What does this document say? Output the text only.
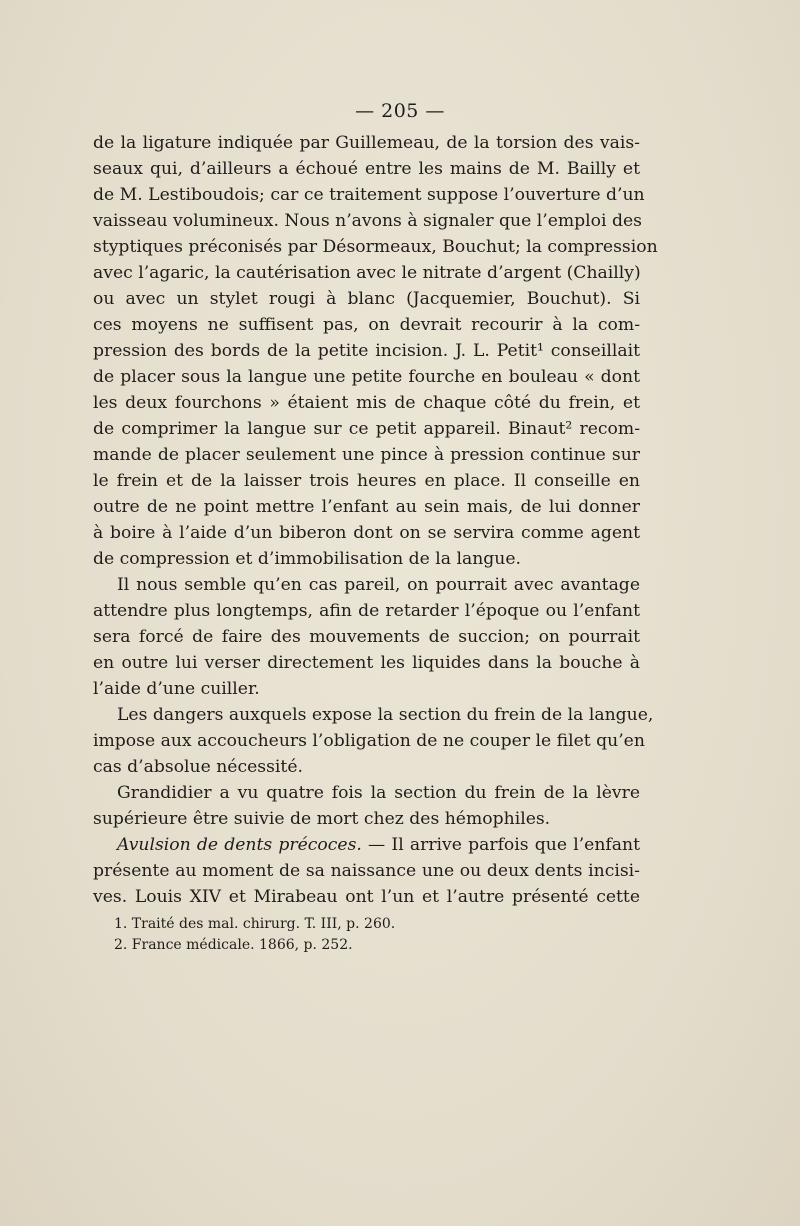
— 205 —
de la ligature indiquée par Guillemeau, de la torsion des vais-
seaux qui, d’ailleurs a échoué entre les mains de M. Bailly et
de M. Lestiboudois; car ce traitement suppose l’ouverture d’un
vaisseau volumineux. Nous n’avons à signaler que l’emploi des
styptiques préconisés par Désormeaux, Bouchut; la compression
avec l’agaric, la cautérisation avec le nitrate d’argent (Chailly)
ou avec un stylet rougi à blanc (Jacquemier, Bouchut). Si
ces moyens ne suffisent pas, on devrait recourir à la com-
pression des bords de la petite incision. J. L. Petit¹ conseillait
de placer sous la langue une petite fourche en bouleau « dont
les deux fourchons » étaient mis de chaque côté du frein, et
de comprimer la langue sur ce petit appareil. Binaut² recom-
mande de placer seulement une pince à pression continue sur
le frein et de la laisser trois heures en place. Il conseille en
outre de ne point mettre l’enfant au sein mais, de lui donner
à boire à l’aide d’un biberon dont on se servira comme agent
de compression et d’immobilisation de la langue.
Il nous semble qu’en cas pareil, on pourrait avec avantage
attendre plus longtemps, afin de retarder l’époque ou l’enfant
sera forcé de faire des mouvements de succion; on pourrait
en outre lui verser directement les liquides dans la bouche à
l’aide d’une cuiller.
Les dangers auxquels expose la section du frein de la langue,
impose aux accoucheurs l’obligation de ne couper le filet qu’en
cas d’absolue nécessité.
Grandidier a vu quatre fois la section du frein de la lèvre
supérieure être suivie de mort chez des hémophiles.
Avulsion de dents précoces. — Il arrive parfois que l’enfant
présente au moment de sa naissance une ou deux dents incisi-
ves. Louis XIV et Mirabeau ont l’un et l’autre présenté cette
1. Traité des mal. chirurg. T. III, p. 260.
2. France médicale. 1866, p. 252.
